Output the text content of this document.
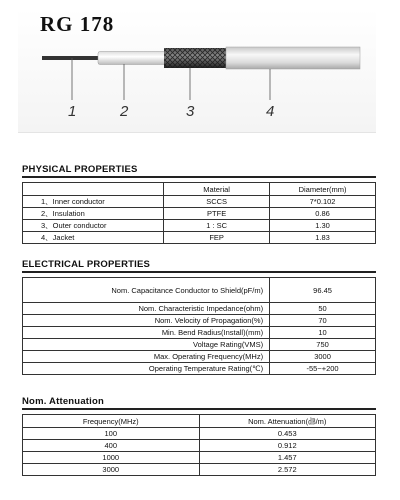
RG 178
1	2	3	4
PHYSICAL PROPERTIES
	Material	Diameter(mm)
1、Inner conductor	SCCS	7*0.102
2、Insulation	PTFE	0.86
3、Outer conductor	1 : SC	1.30
4、Jacket	FEP	1.83
ELECTRICAL PROPERTIES
Nom. Capacitance Conductor to Shield(pF/m)	96.45
Nom. Characteristic Impedance(ohm)	50
Nom. Velocity of Propagation(%)	70
Min. Bend Radius(Install)(mm)	10
Voltage Rating(VMS)	750
Max. Operating Frequency(MHz)	3000
Operating Temperature Rating(℃)	-55~+200
Nom. Attenuation
Frequency(MHz)	Nom. Attenuation(㏈/m)
100	0.453
400	0.912
1000	1.457
3000	2.572
